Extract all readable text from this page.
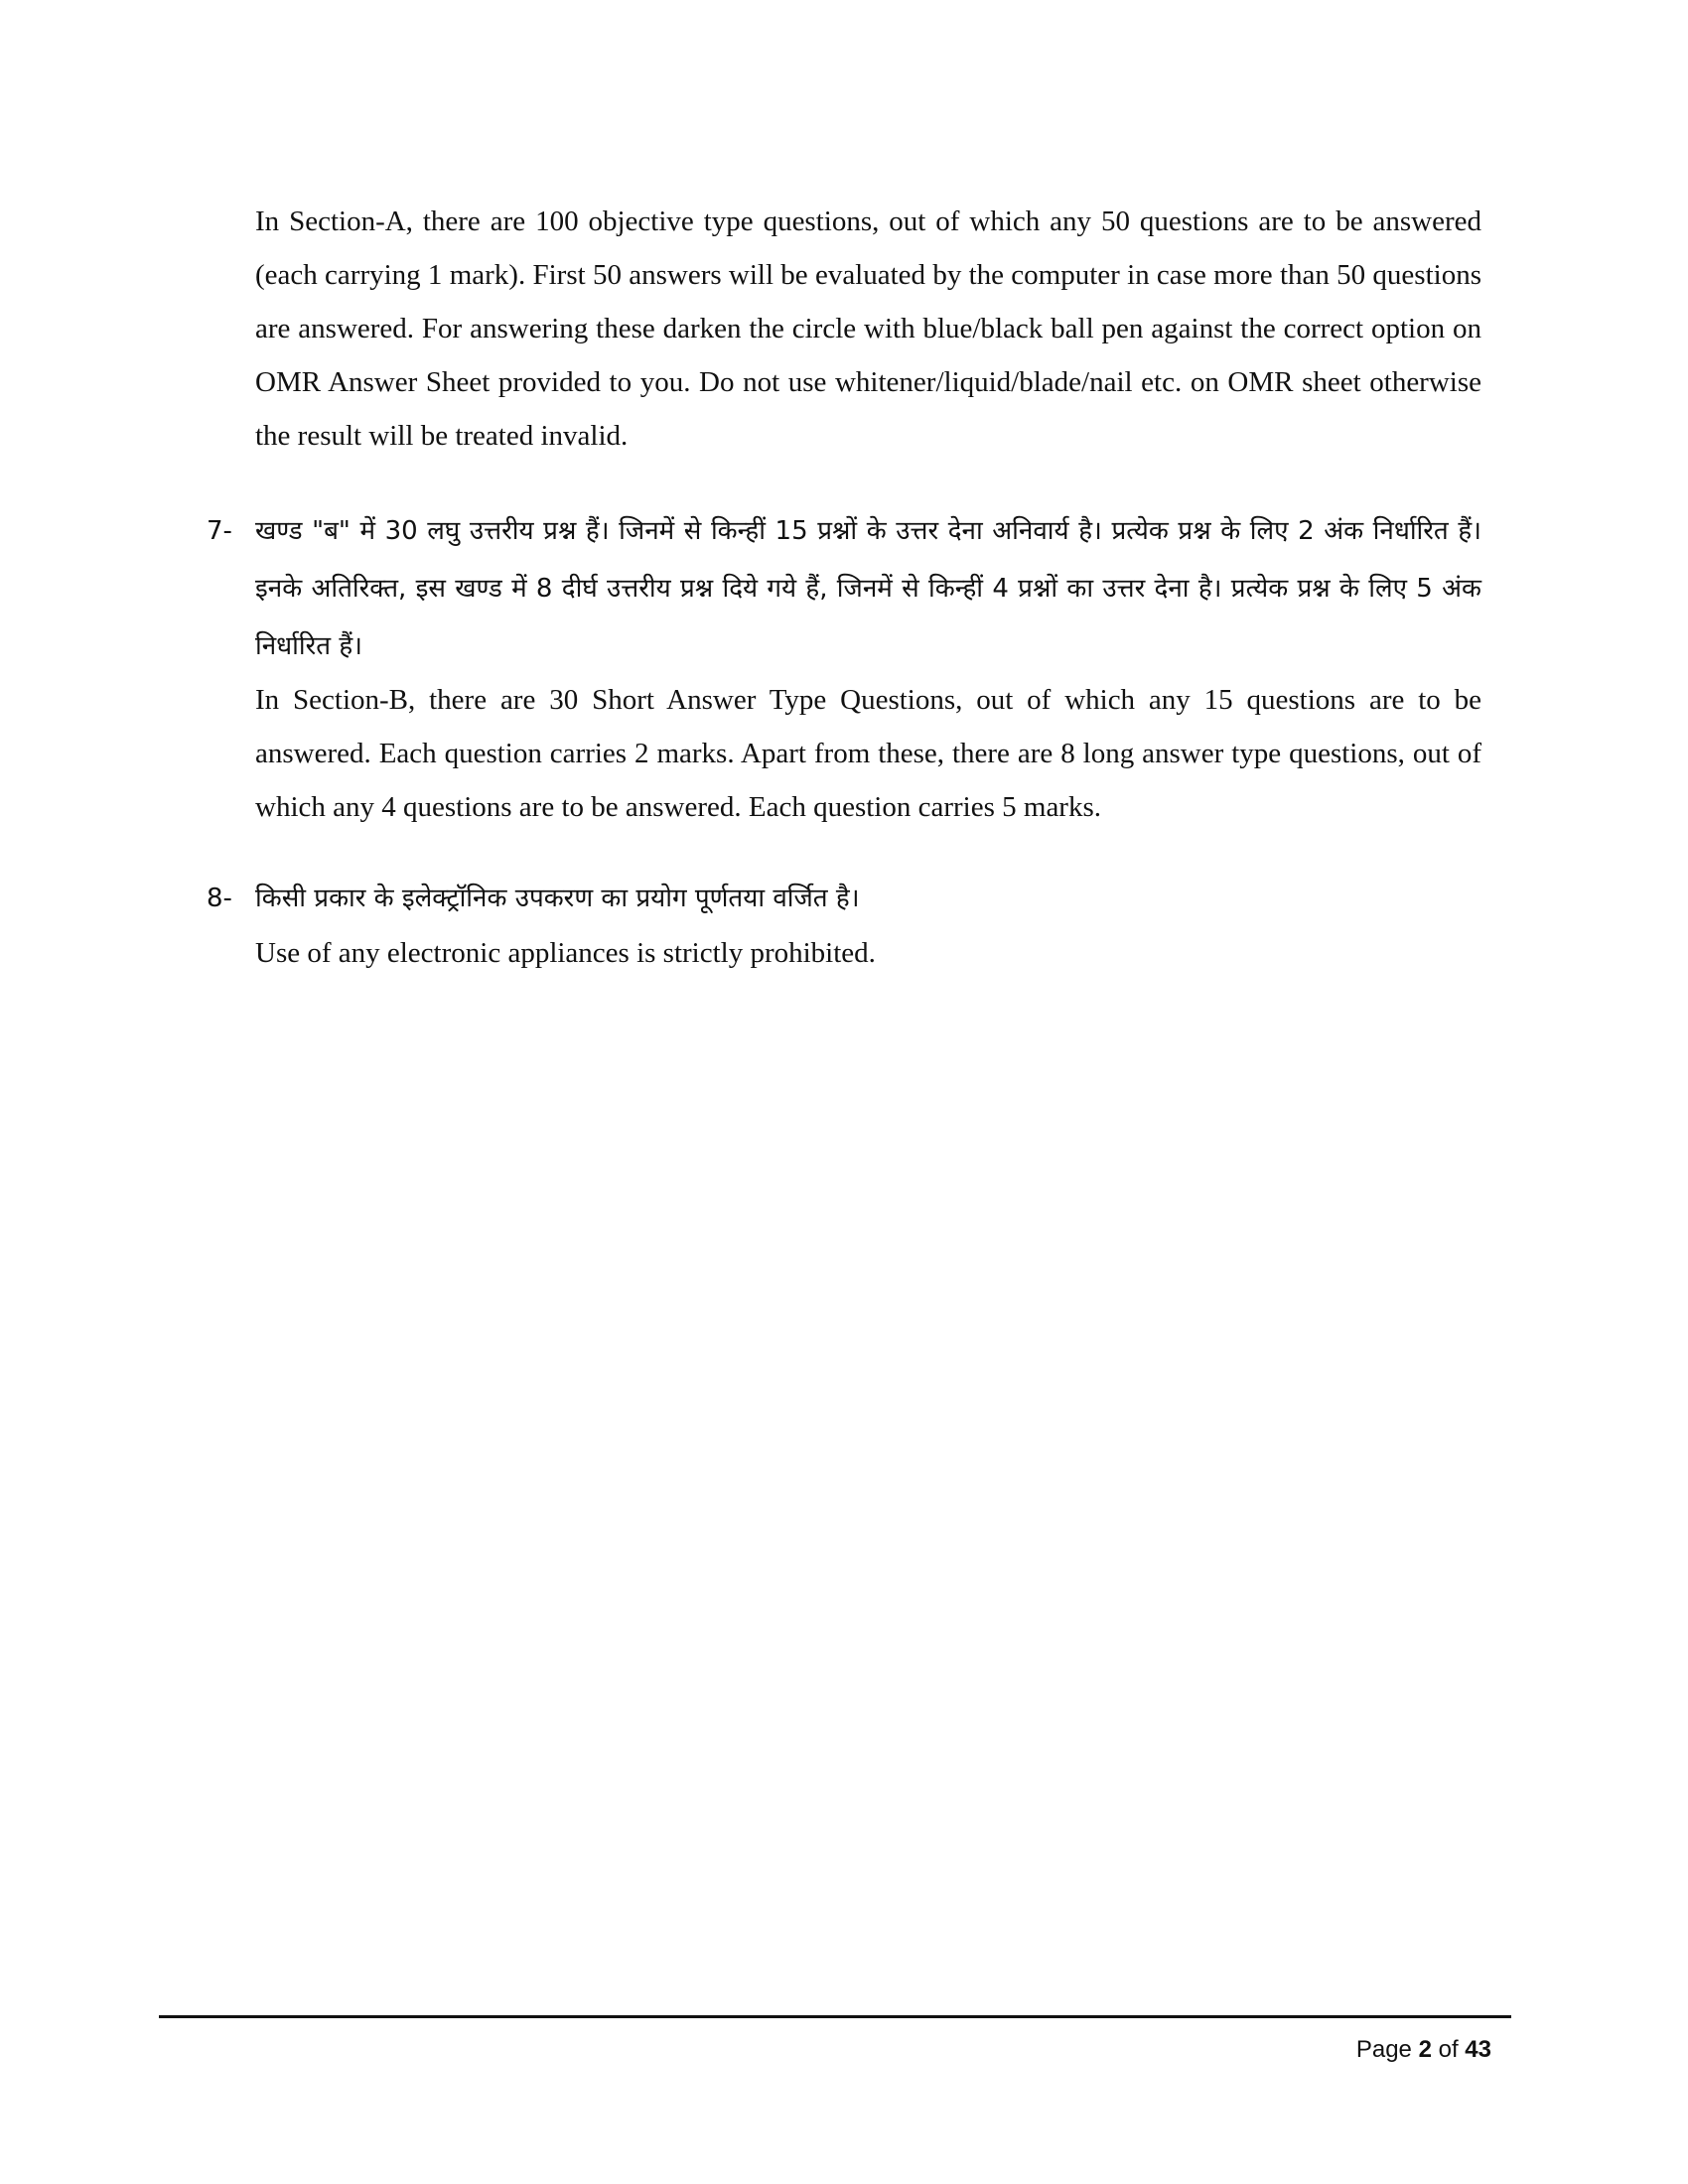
In Section-A, there are 100 objective type questions, out of which any 50 questions are to be answered (each carrying 1 mark). First 50 answers will be evaluated by the computer in case more than 50 questions are answered. For answering these darken the circle with blue/black ball pen against the correct option on OMR Answer Sheet provided to you. Do not use whitener/liquid/blade/nail etc. on OMR sheet otherwise the result will be treated invalid.

7- खण्ड "ब" में 30 लघु उत्तरीय प्रश्न हैं। जिनमें से किन्हीं 15 प्रश्नों के उत्तर देना अनिवार्य है। प्रत्येक प्रश्न के लिए 2 अंक निर्धारित हैं। इनके अतिरिक्त, इस खण्ड में 8 दीर्घ उत्तरीय प्रश्न दिये गये हैं, जिनमें से किन्हीं 4 प्रश्नों का उत्तर देना है। प्रत्येक प्रश्न के लिए 5 अंक निर्धारित हैं।

In Section-B, there are 30 Short Answer Type Questions, out of which any 15 questions are to be answered. Each question carries 2 marks. Apart from these, there are 8 long answer type questions, out of which any 4 questions are to be answered. Each question carries 5 marks.

8- किसी प्रकार के इलेक्ट्रॉनिक उपकरण का प्रयोग पूर्णतया वर्जित है।

Use of any electronic appliances is strictly prohibited.

Page 2 of 43
